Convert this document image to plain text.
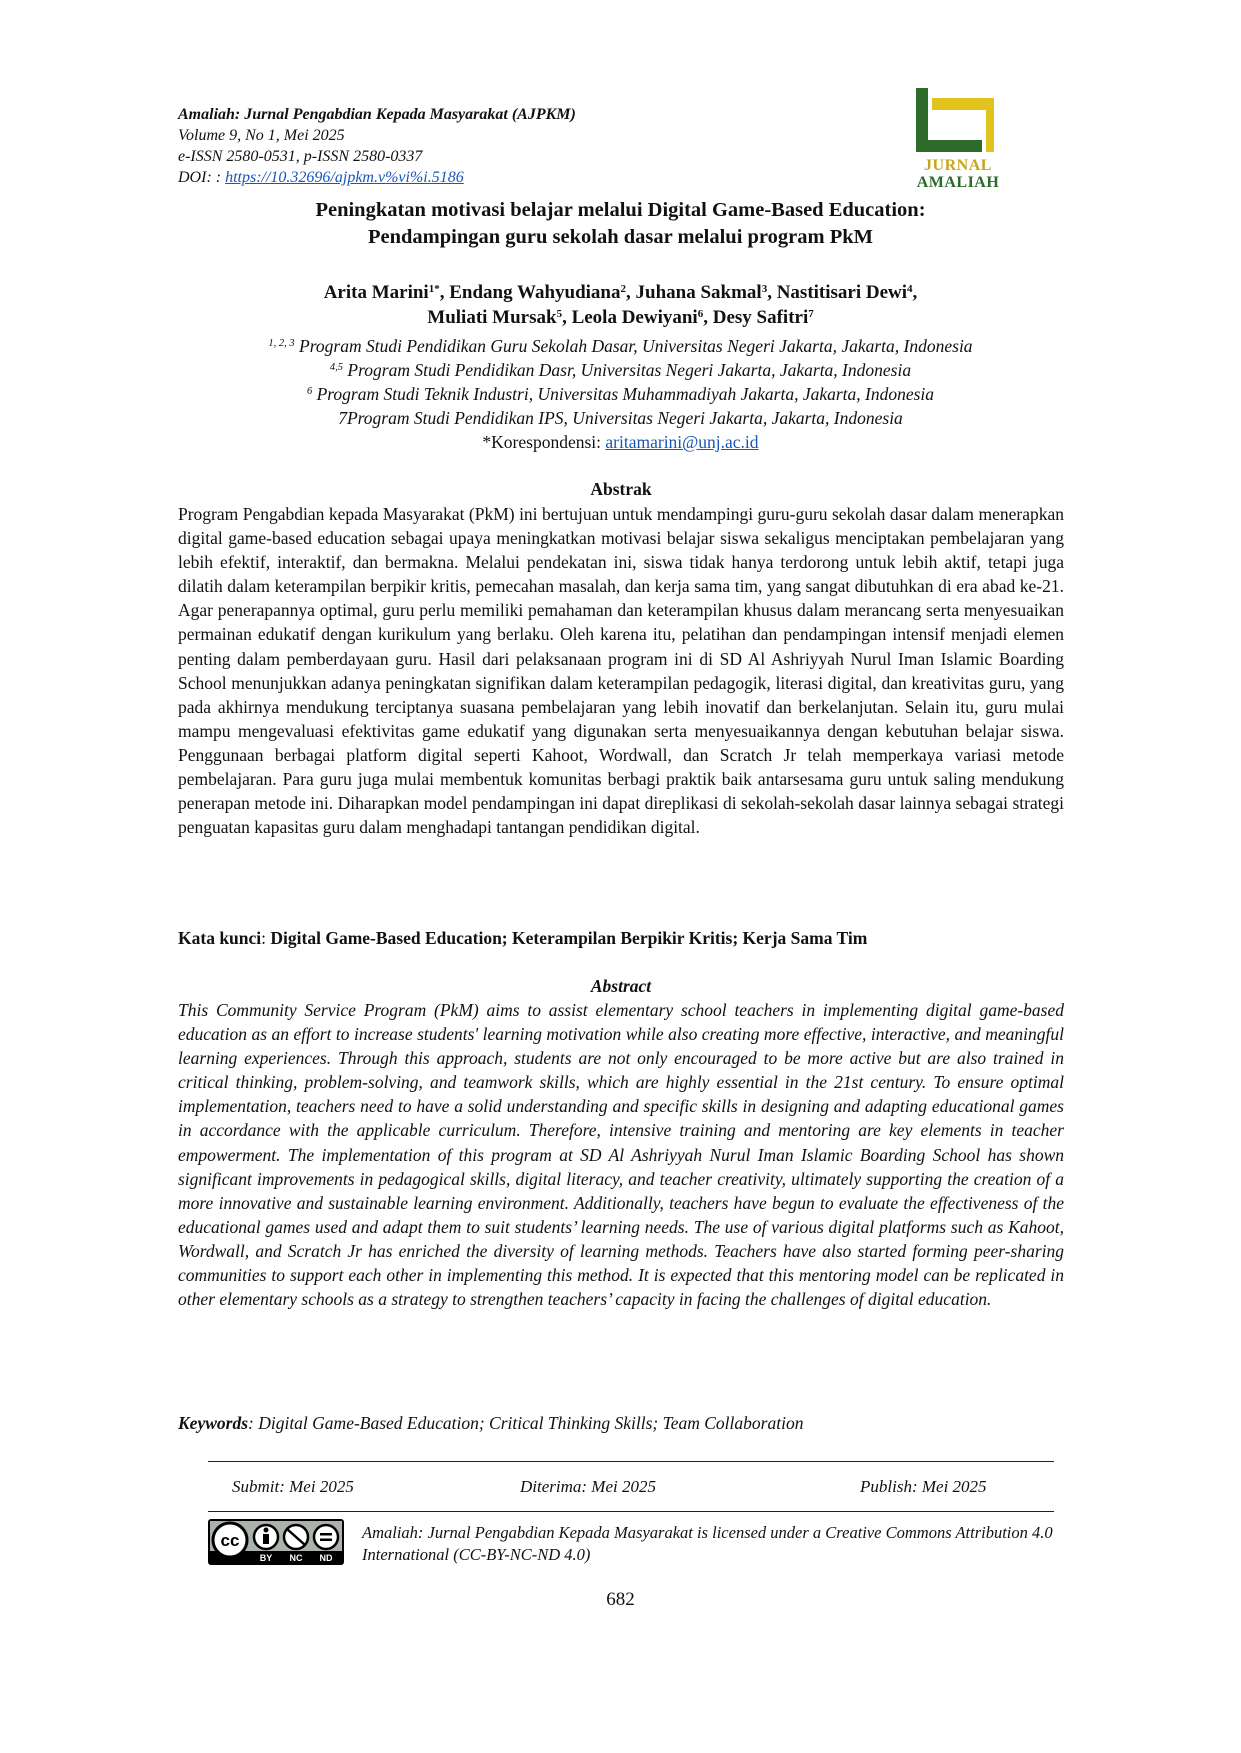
Amaliah: Jurnal Pengabdian Kepada Masyarakat (AJPKM)
Volume 9, No 1, Mei 2025
e-ISSN 2580-0531, p-ISSN 2580-0337
DOI: : https://10.32696/ajpkm.v%vi%i.5186
JURNAL
AMALIAH
Peningkatan motivasi belajar melalui Digital Game-Based Education:
Pendampingan guru sekolah dasar melalui program PkM
Arita Marini$^{1*}$, Endang Wahyudiana$^2$, Juhana Sakmal$^3$, Nastitisari Dewi$^4$,
Muliati Mursak$^5$, Leola Dewiyani$^6$, Desy Safitri$^7$
$^{1, 2, 3}$ Program Studi Pendidikan Guru Sekolah Dasar, Universitas Negeri Jakarta, Jakarta, Indonesia
$^{4,5}$ Program Studi Pendidikan Dasr, Universitas Negeri Jakarta, Jakarta, Indonesia
$^6$ Program Studi Teknik Industri, Universitas Muhammadiyah Jakarta, Jakarta, Indonesia
7Program Studi Pendidikan IPS, Universitas Negeri Jakarta, Jakarta, Indonesia
*Korespondensi: aritamarini@unj.ac.id
Abstrak
Program Pengabdian kepada Masyarakat (PkM) ini bertujuan untuk mendampingi guru-guru sekolah dasar dalam menerapkan digital game-based education sebagai upaya meningkatkan motivasi belajar siswa sekaligus menciptakan pembelajaran yang lebih efektif, interaktif, dan bermakna. Melalui pendekatan ini, siswa tidak hanya terdorong untuk lebih aktif, tetapi juga dilatih dalam keterampilan berpikir kritis, pemecahan masalah, dan kerja sama tim, yang sangat dibutuhkan di era abad ke-21. Agar penerapannya optimal, guru perlu memiliki pemahaman dan keterampilan khusus dalam merancang serta menyesuaikan permainan edukatif dengan kurikulum yang berlaku. Oleh karena itu, pelatihan dan pendampingan intensif menjadi elemen penting dalam pemberdayaan guru. Hasil dari pelaksanaan program ini di SD Al Ashriyyah Nurul Iman Islamic Boarding School menunjukkan adanya peningkatan signifikan dalam keterampilan pedagogik, literasi digital, dan kreativitas guru, yang pada akhirnya mendukung terciptanya suasana pembelajaran yang lebih inovatif dan berkelanjutan. Selain itu, guru mulai mampu mengevaluasi efektivitas game edukatif yang digunakan serta menyesuaikannya dengan kebutuhan belajar siswa. Penggunaan berbagai platform digital seperti Kahoot, Wordwall, dan Scratch Jr telah memperkaya variasi metode pembelajaran. Para guru juga mulai membentuk komunitas berbagi praktik baik antarsesama guru untuk saling mendukung penerapan metode ini. Diharapkan model pendampingan ini dapat direplikasi di sekolah-sekolah dasar lainnya sebagai strategi penguatan kapasitas guru dalam menghadapi tantangan pendidikan digital.
Kata kunci: Digital Game-Based Education; Keterampilan Berpikir Kritis; Kerja Sama Tim
Abstract
This Community Service Program (PkM) aims to assist elementary school teachers in implementing digital game-based education as an effort to increase students' learning motivation while also creating more effective, interactive, and meaningful learning experiences. Through this approach, students are not only encouraged to be more active but are also trained in critical thinking, problem-solving, and teamwork skills, which are highly essential in the 21st century. To ensure optimal implementation, teachers need to have a solid understanding and specific skills in designing and adapting educational games in accordance with the applicable curriculum. Therefore, intensive training and mentoring are key elements in teacher empowerment. The implementation of this program at SD Al Ashriyyah Nurul Iman Islamic Boarding School has shown significant improvements in pedagogical skills, digital literacy, and teacher creativity, ultimately supporting the creation of a more innovative and sustainable learning environment. Additionally, teachers have begun to evaluate the effectiveness of the educational games used and adapt them to suit students’ learning needs. The use of various digital platforms such as Kahoot, Wordwall, and Scratch Jr has enriched the diversity of learning methods. Teachers have also started forming peer-sharing communities to support each other in implementing this method. It is expected that this mentoring model can be replicated in other elementary schools as a strategy to strengthen teachers’ capacity in facing the challenges of digital education.
Keywords: Digital Game-Based Education; Critical Thinking Skills; Team Collaboration
Submit: Mei 2025	Diterima: Mei 2025	Publish: Mei 2025
cc
BY NC ND
Amaliah: Jurnal Pengabdian Kepada Masyarakat is licensed under a Creative Commons Attribution 4.0 International (CC-BY-NC-ND 4.0)
682
